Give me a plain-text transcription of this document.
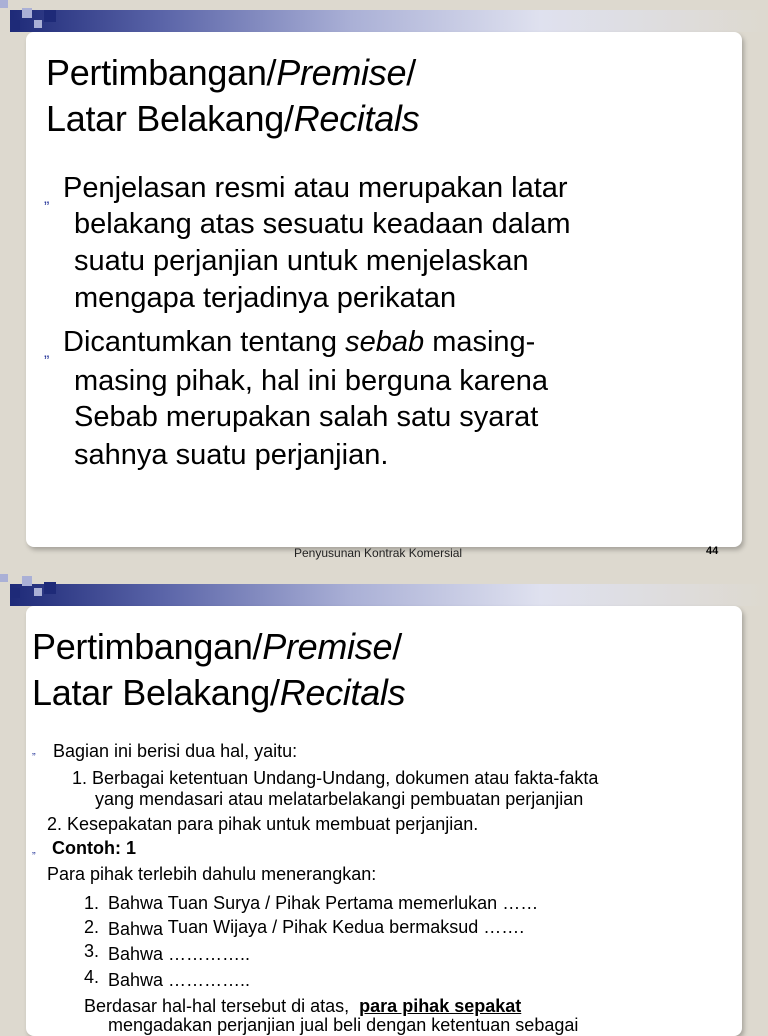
Pertimbangan/Premise/
Latar Belakang/Recitals
„ Penjelasan resmi atau merupakan latar
belakang atas sesuatu keadaan dalam
suatu perjanjian untuk menjelaskan
mengapa terjadinya perikatan
„ Dicantumkan tentang sebab masing-
masing pihak, hal ini berguna karena
Sebab merupakan salah satu syarat
sahnya suatu perjanjian.
Penyusunan Kontrak Komersial	44
Pertimbangan/Premise/
Latar Belakang/Recitals
„ Bagian ini berisi dua hal, yaitu:
1. Berbagai ketentuan Undang-Undang, dokumen atau fakta-fakta
yang mendasari atau melatarbelakangi pembuatan perjanjian
2. Kesepakatan para pihak untuk membuat perjanjian.
„ Contoh: 1
Para pihak terlebih dahulu menerangkan:
1. Bahwa Tuan Surya / Pihak Pertama memerlukan ……
2. Bahwa Tuan Wijaya / Pihak Kedua bermaksud …….
3. Bahwa …………..
4. Bahwa …………..
Berdasar hal-hal tersebut di atas, para pihak sepakat
mengadakan perjanjian jual beli dengan ketentuan sebagai
